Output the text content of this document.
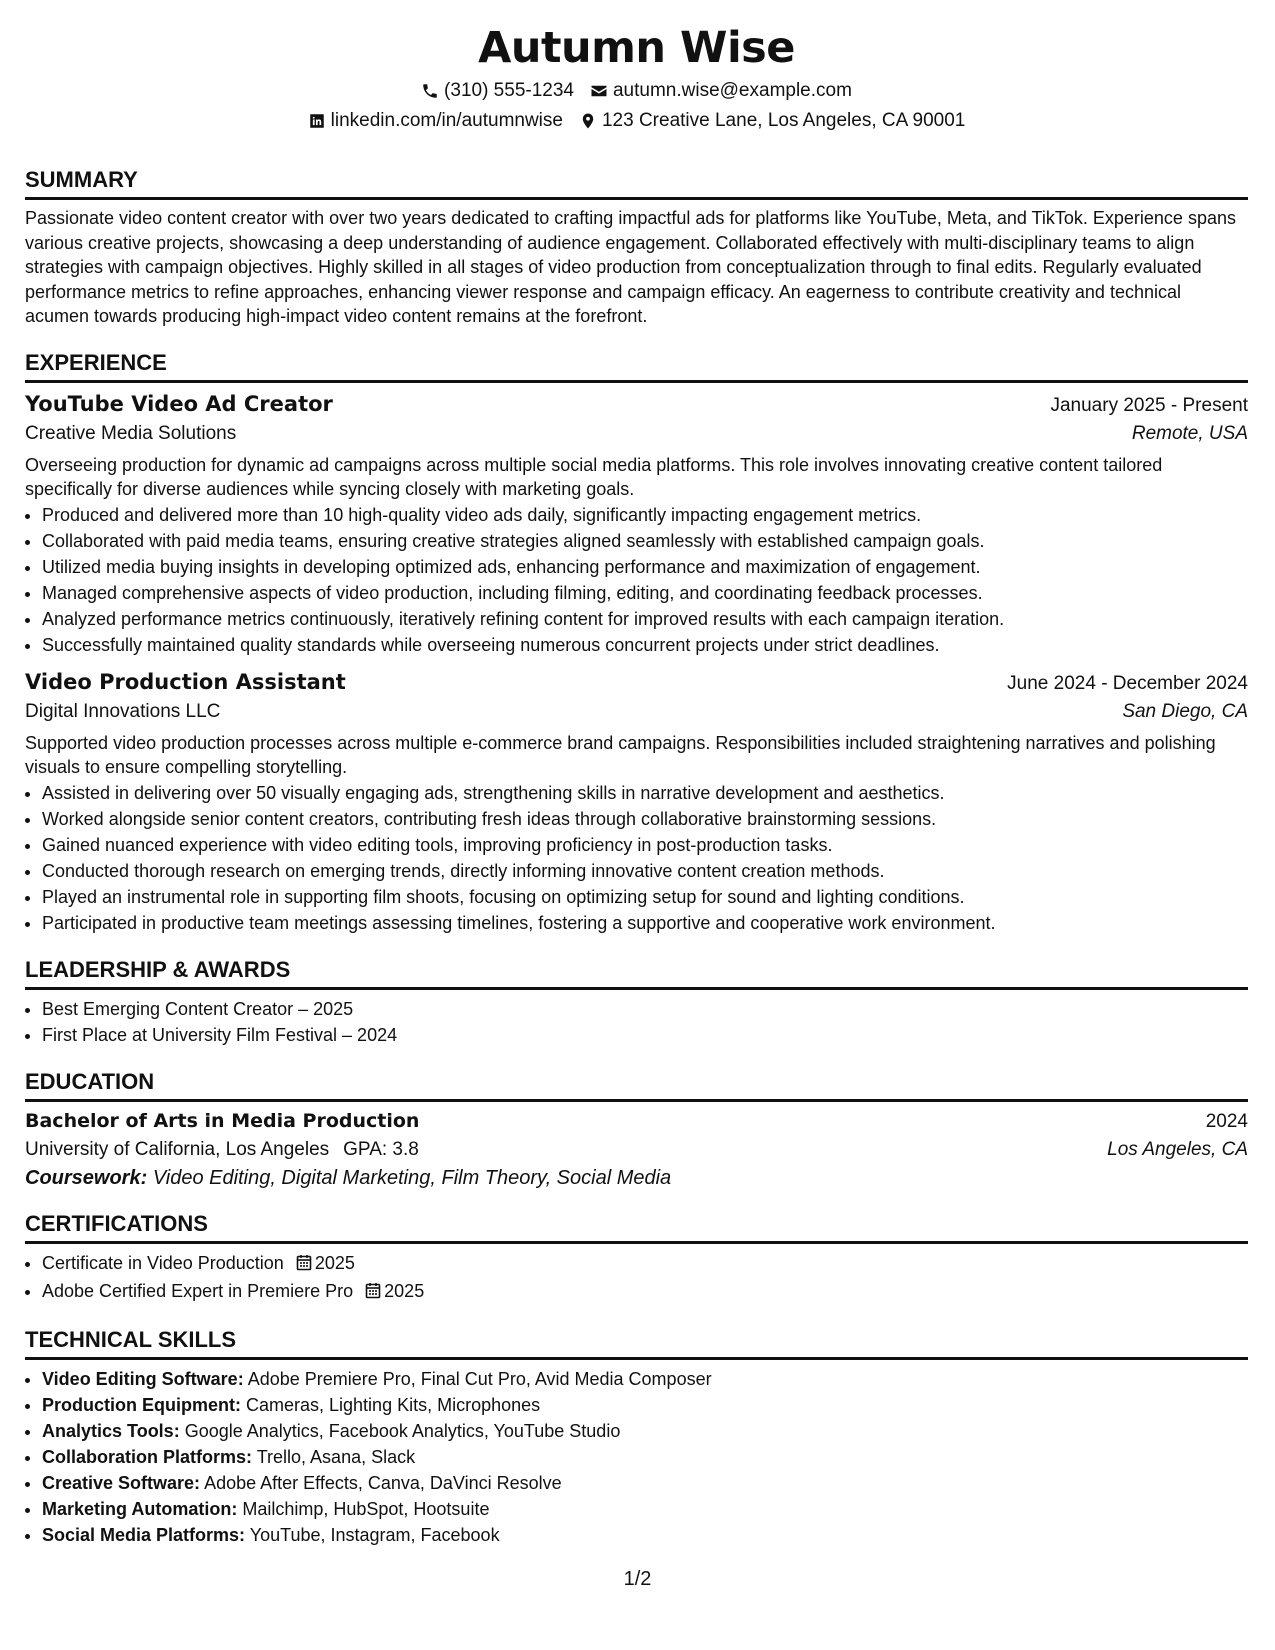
Autumn Wise
(310) 555-1234 autumn.wise@example.com
linkedin.com/in/autumnwise 123 Creative Lane, Los Angeles, CA 90001
SUMMARY

Passionate video content creator with over two years dedicated to crafting impactful ads for platforms like YouTube, Meta, and TikTok. Experience spans various creative projects, showcasing a deep understanding of audience engagement. Collaborated effectively with multi-disciplinary teams to align strategies with campaign objectives. Highly skilled in all stages of video production from conceptualization through to final edits. Regularly evaluated performance metrics to refine approaches, enhancing viewer response and campaign efficacy. An eagerness to contribute creativity and technical acumen towards producing high-impact video content remains at the forefront.

EXPERIENCE
YouTube Video Ad Creator	January 2025 - Present
Creative Media Solutions	Remote, USA

Overseeing production for dynamic ad campaigns across multiple social media platforms. This role involves innovating creative content tailored specifically for diverse audiences while syncing closely with marketing goals.

• Produced and delivered more than 10 high-quality video ads daily, significantly impacting engagement metrics.
• Collaborated with paid media teams, ensuring creative strategies aligned seamlessly with established campaign goals.
• Utilized media buying insights in developing optimized ads, enhancing performance and maximization of engagement.
• Managed comprehensive aspects of video production, including filming, editing, and coordinating feedback processes.
• Analyzed performance metrics continuously, iteratively refining content for improved results with each campaign iteration.
• Successfully maintained quality standards while overseeing numerous concurrent projects under strict deadlines.
Video Production Assistant	June 2024 - December 2024
Digital Innovations LLC	San Diego, CA

Supported video production processes across multiple e-commerce brand campaigns. Responsibilities included straightening narratives and polishing visuals to ensure compelling storytelling.

• Assisted in delivering over 50 visually engaging ads, strengthening skills in narrative development and aesthetics.
• Worked alongside senior content creators, contributing fresh ideas through collaborative brainstorming sessions.
• Gained nuanced experience with video editing tools, improving proficiency in post-production tasks.
• Conducted thorough research on emerging trends, directly informing innovative content creation methods.
• Played an instrumental role in supporting film shoots, focusing on optimizing setup for sound and lighting conditions.
• Participated in productive team meetings assessing timelines, fostering a supportive and cooperative work environment.
LEADERSHIP & AWARDS
• Best Emerging Content Creator – 2025
• First Place at University Film Festival – 2024
EDUCATION
Bachelor of Arts in Media Production	2024
University of California, Los Angeles GPA: 3.8	Los Angeles, CA
Coursework: Video Editing, Digital Marketing, Film Theory, Social Media
CERTIFICATIONS
• Certificate in Video Production 2025
• Adobe Certified Expert in Premiere Pro 2025
TECHNICAL SKILLS
• Video Editing Software: Adobe Premiere Pro, Final Cut Pro, Avid Media Composer
• Production Equipment: Cameras, Lighting Kits, Microphones
• Analytics Tools: Google Analytics, Facebook Analytics, YouTube Studio
• Collaboration Platforms: Trello, Asana, Slack
• Creative Software: Adobe After Effects, Canva, DaVinci Resolve
• Marketing Automation: Mailchimp, HubSpot, Hootsuite
• Social Media Platforms: YouTube, Instagram, Facebook
1/2
